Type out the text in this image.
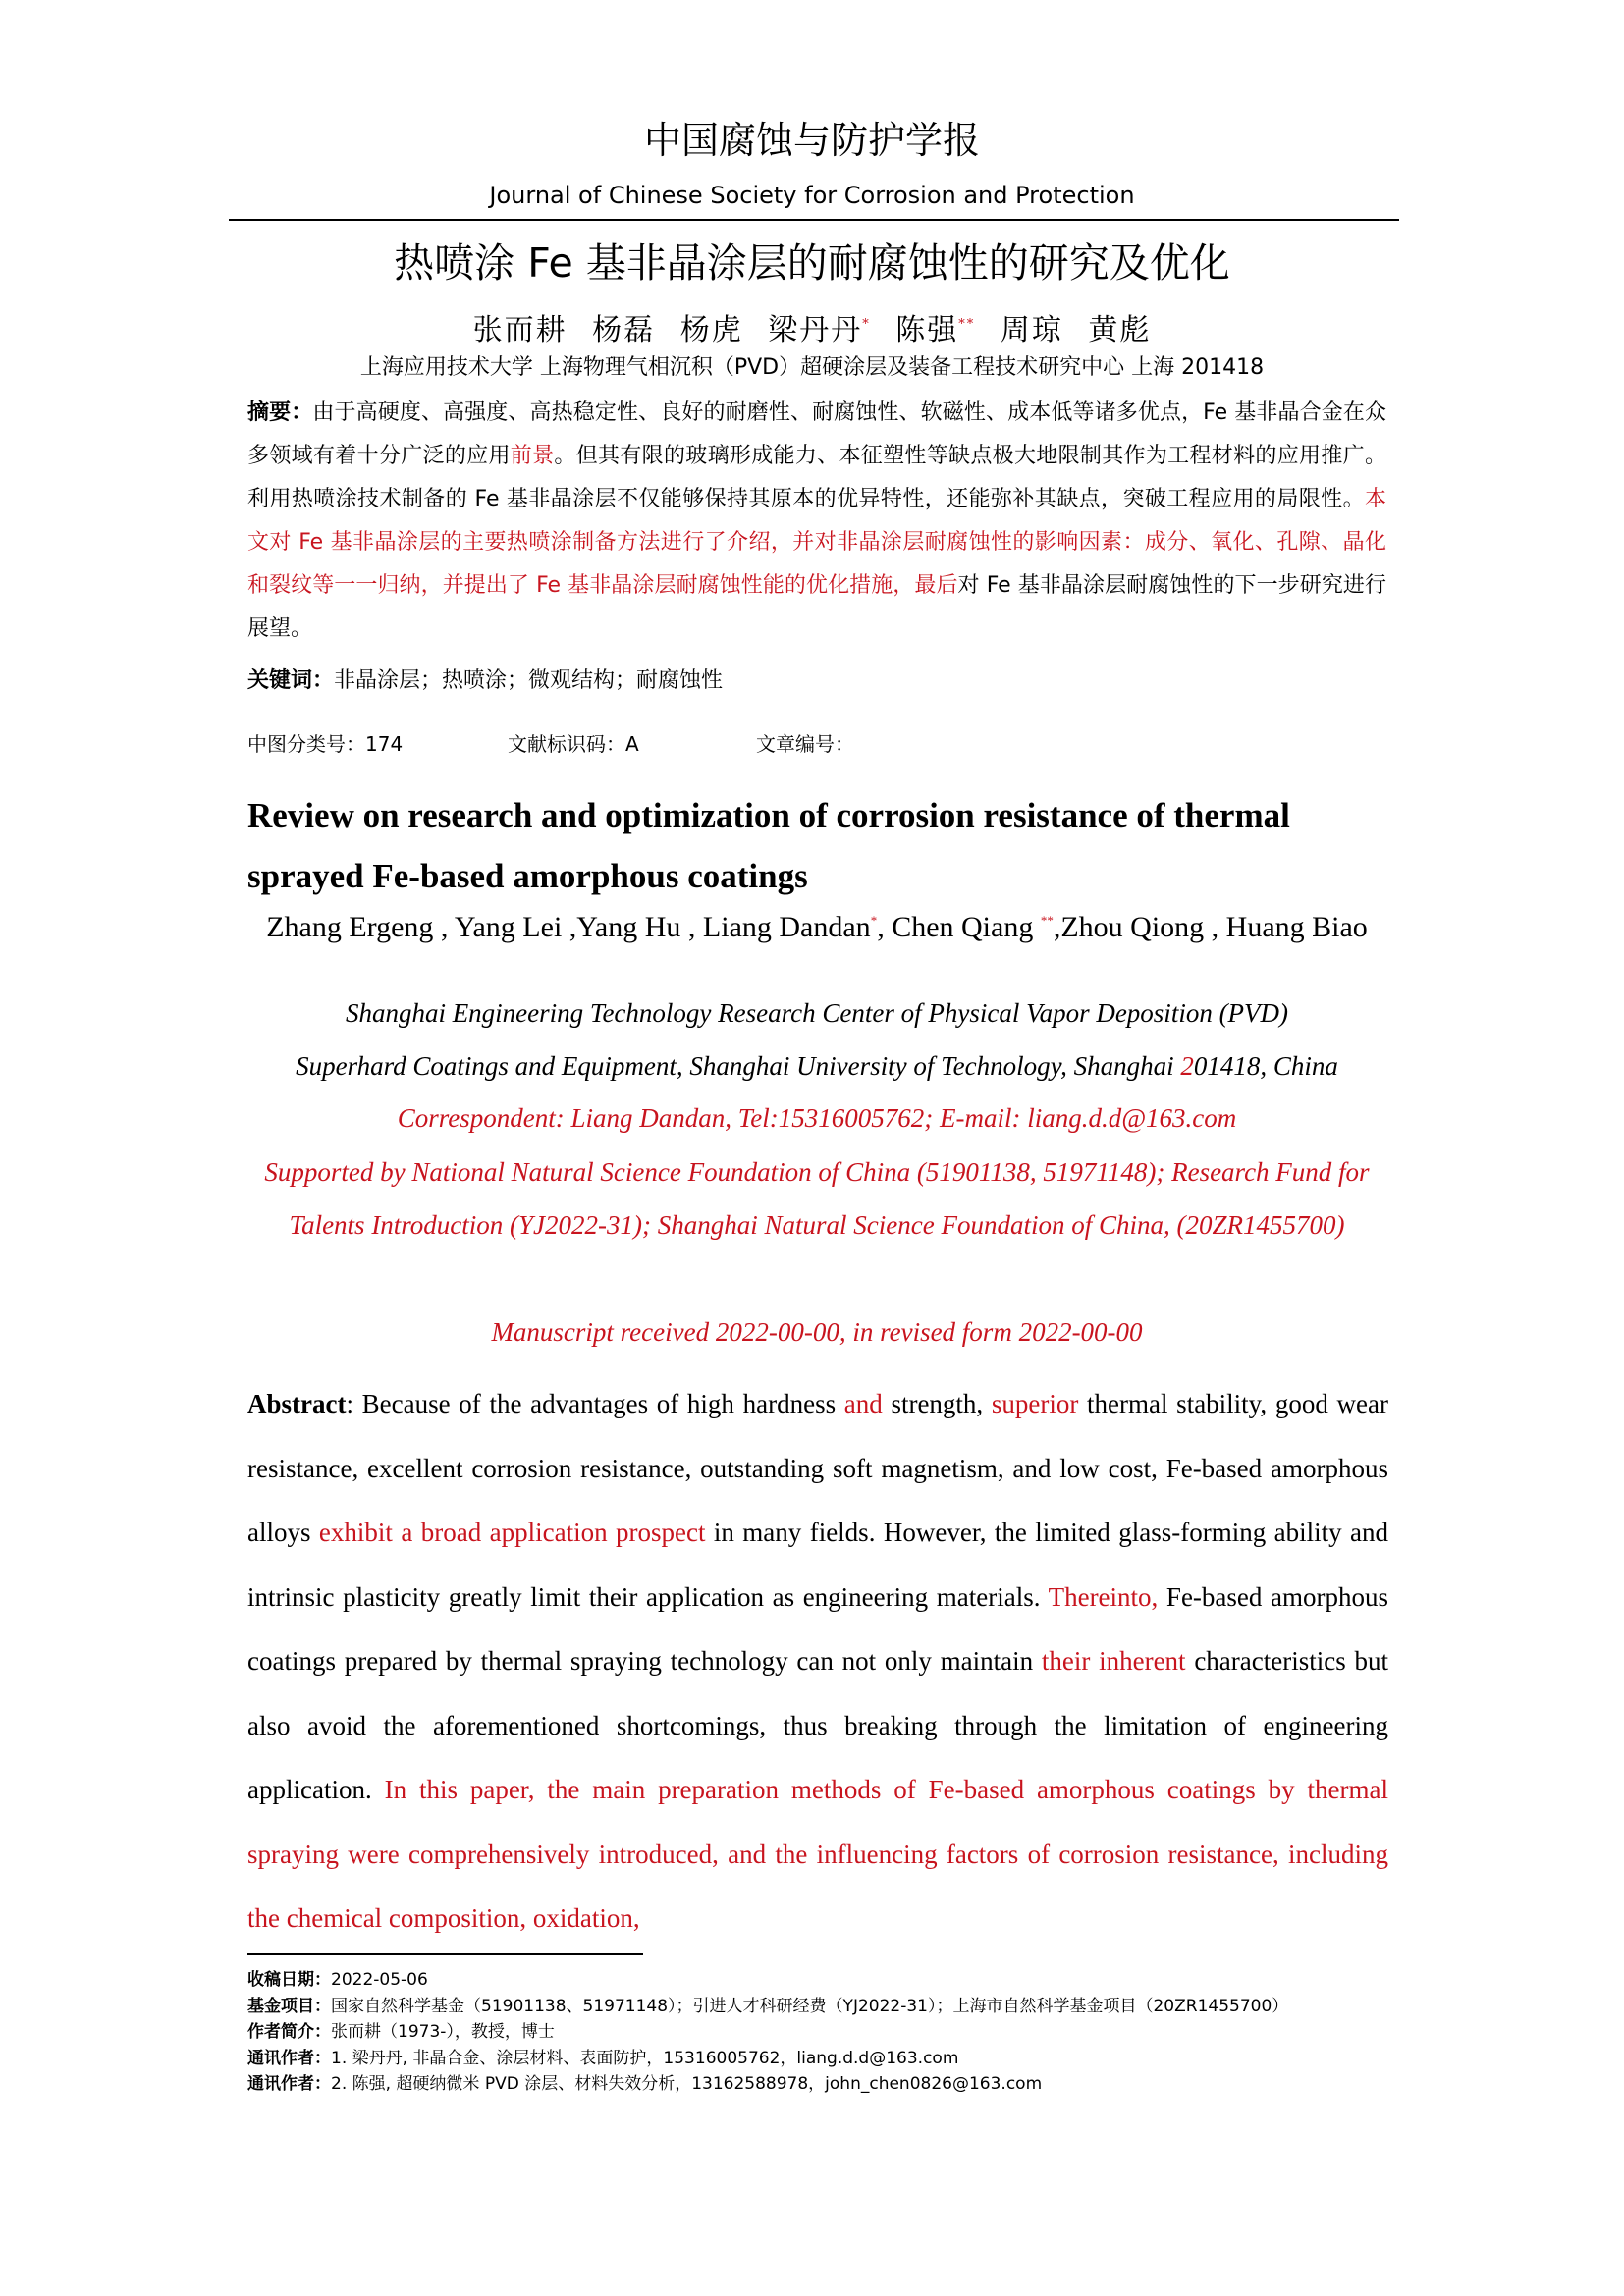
中国腐蚀与防护学报
Journal of Chinese Society for Corrosion and Protection
热喷涂 Fe 基非晶涂层的耐腐蚀性的研究及优化
张而耕 杨磊 杨虎 梁丹丹* 陈强** 周琼 黄彪
上海应用技术大学 上海物理气相沉积（PVD）超硬涂层及装备工程技术研究中心 上海 201418
摘要：由于高硬度、高强度、高热稳定性、良好的耐磨性、耐腐蚀性、软磁性、成本低等诸多优点，Fe 基非晶合金在众多领域有着十分广泛的应用前景。但其有限的玻璃形成能力、本征塑性等缺点极大地限制其作为工程材料的应用推广。利用热喷涂技术制备的 Fe 基非晶涂层不仅能够保持其原本的优异特性，还能弥补其缺点，突破工程应用的局限性。本文对 Fe 基非晶涂层的主要热喷涂制备方法进行了介绍，并对非晶涂层耐腐蚀性的影响因素：成分、氧化、孔隙、晶化和裂纹等一一归纳，并提出了 Fe 基非晶涂层耐腐蚀性能的优化措施，最后对 Fe 基非晶涂层耐腐蚀性的下一步研究进行展望。
关键词：非晶涂层；热喷涂；微观结构；耐腐蚀性
中图分类号：174	文献标识码：A	文章编号：
Review on research and optimization of corrosion resistance of thermal sprayed Fe-based amorphous coatings
Zhang Ergeng , Yang Lei ,Yang Hu , Liang Dandan*, Chen Qiang **,Zhou Qiong , Huang Biao
Shanghai Engineering Technology Research Center of Physical Vapor Deposition (PVD)
Superhard Coatings and Equipment, Shanghai University of Technology, Shanghai 201418, China
Correspondent: Liang Dandan, Tel:15316005762; E-mail: liang.d.d@163.com
Supported by National Natural Science Foundation of China (51901138, 51971148); Research Fund for Talents Introduction (YJ2022-31); Shanghai Natural Science Foundation of China, (20ZR1455700)
Manuscript received 2022-00-00, in revised form 2022-00-00
Abstract: Because of the advantages of high hardness and strength, superior thermal stability, good wear resistance, excellent corrosion resistance, outstanding soft magnetism, and low cost, Fe-based amorphous alloys exhibit a broad application prospect in many fields. However, the limited glass-forming ability and intrinsic plasticity greatly limit their application as engineering materials. Thereinto, Fe-based amorphous coatings prepared by thermal spraying technology can not only maintain their inherent characteristics but also avoid the aforementioned shortcomings, thus breaking through the limitation of engineering application. In this paper, the main preparation methods of Fe-based amorphous coatings by thermal spraying were comprehensively introduced, and the influencing factors of corrosion resistance, including the chemical composition, oxidation,
收稿日期：2022-05-06
基金项目：国家自然科学基金（51901138、51971148）；引进人才科研经费（YJ2022-31）；上海市自然科学基金项目（20ZR1455700）
作者简介：张而耕（1973-），教授，博士
通讯作者：1. 梁丹丹, 非晶合金、涂层材料、表面防护，15316005762，liang.d.d@163.com
通讯作者：2. 陈强, 超硬纳微米 PVD 涂层、材料失效分析，13162588978，john_chen0826@163.com
